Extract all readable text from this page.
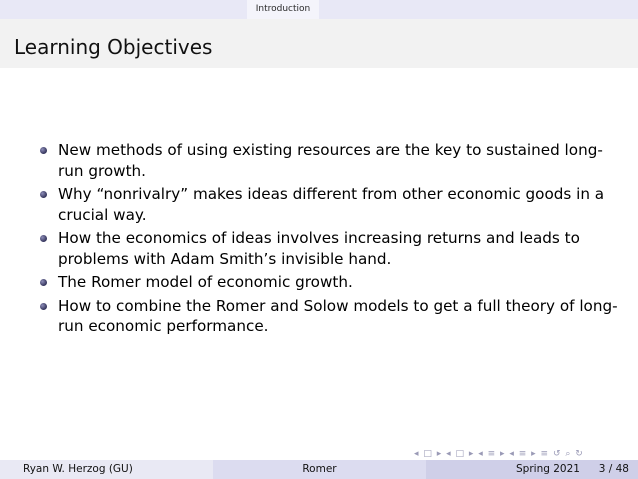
Introduction
Learning Objectives
New methods of using existing resources are the key to sustained long-run growth.
Why “nonrivalry” makes ideas different from other economic goods in a crucial way.
How the economics of ideas involves increasing returns and leads to problems with Adam Smith’s invisible hand.
The Romer model of economic growth.
How to combine the Romer and Solow models to get a full theory of long-run economic performance.
◂ □ ▸ ◂ □ ▸ ◂ ≡ ▸ ◂ ≡ ▸ ≡ ↺ ⌕ ↻
Ryan W. Herzog (GU)	Romer	Spring 2021 3 / 48
